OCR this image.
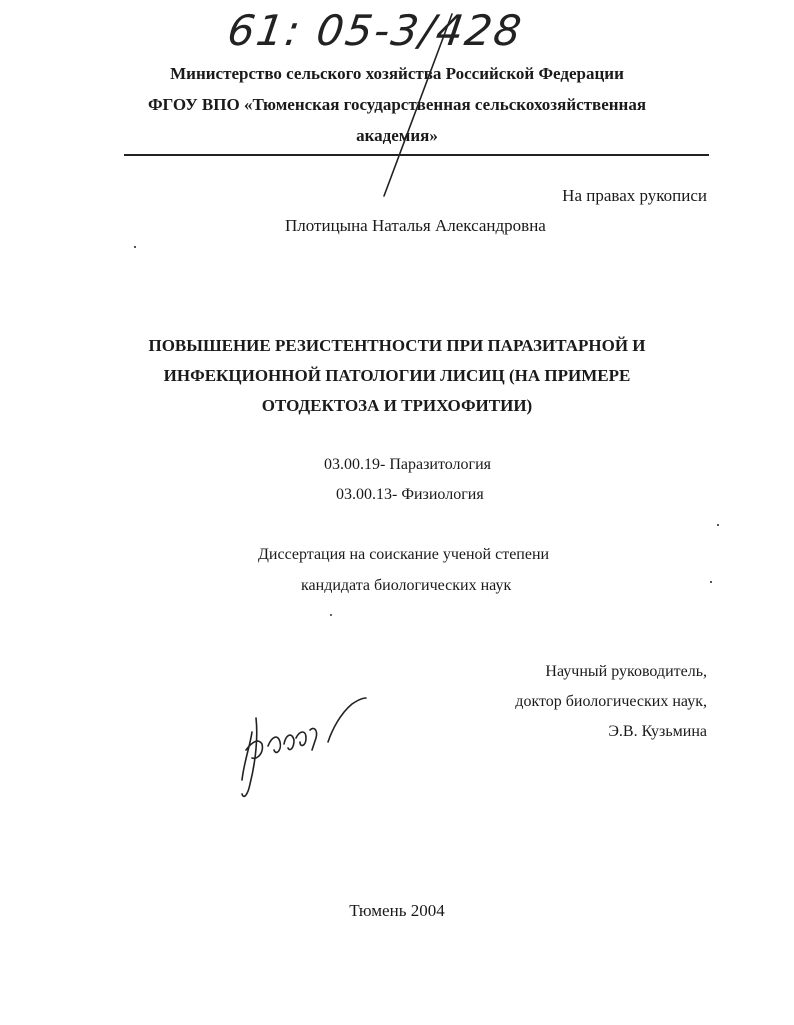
61: 05-3/428
Министерство сельского хозяйства Российской Федерации
ФГОУ ВПО «Тюменская государственная сельскохозяйственная
академия»
На правах рукописи
Плотицына Наталья Александровна
ПОВЫШЕНИЕ РЕЗИСТЕНТНОСТИ ПРИ ПАРАЗИТАРНОЙ И
ИНФЕКЦИОННОЙ ПАТОЛОГИИ ЛИСИЦ (НА ПРИМЕРЕ
ОТОДЕКТОЗА И ТРИХОФИТИИ)
03.00.19- Паразитология
03.00.13- Физиология
Диссертация на соискание ученой степени
кандидата биологических наук
Научный руководитель,
доктор биологических наук,
Э.В. Кузьмина
Тюмень 2004
